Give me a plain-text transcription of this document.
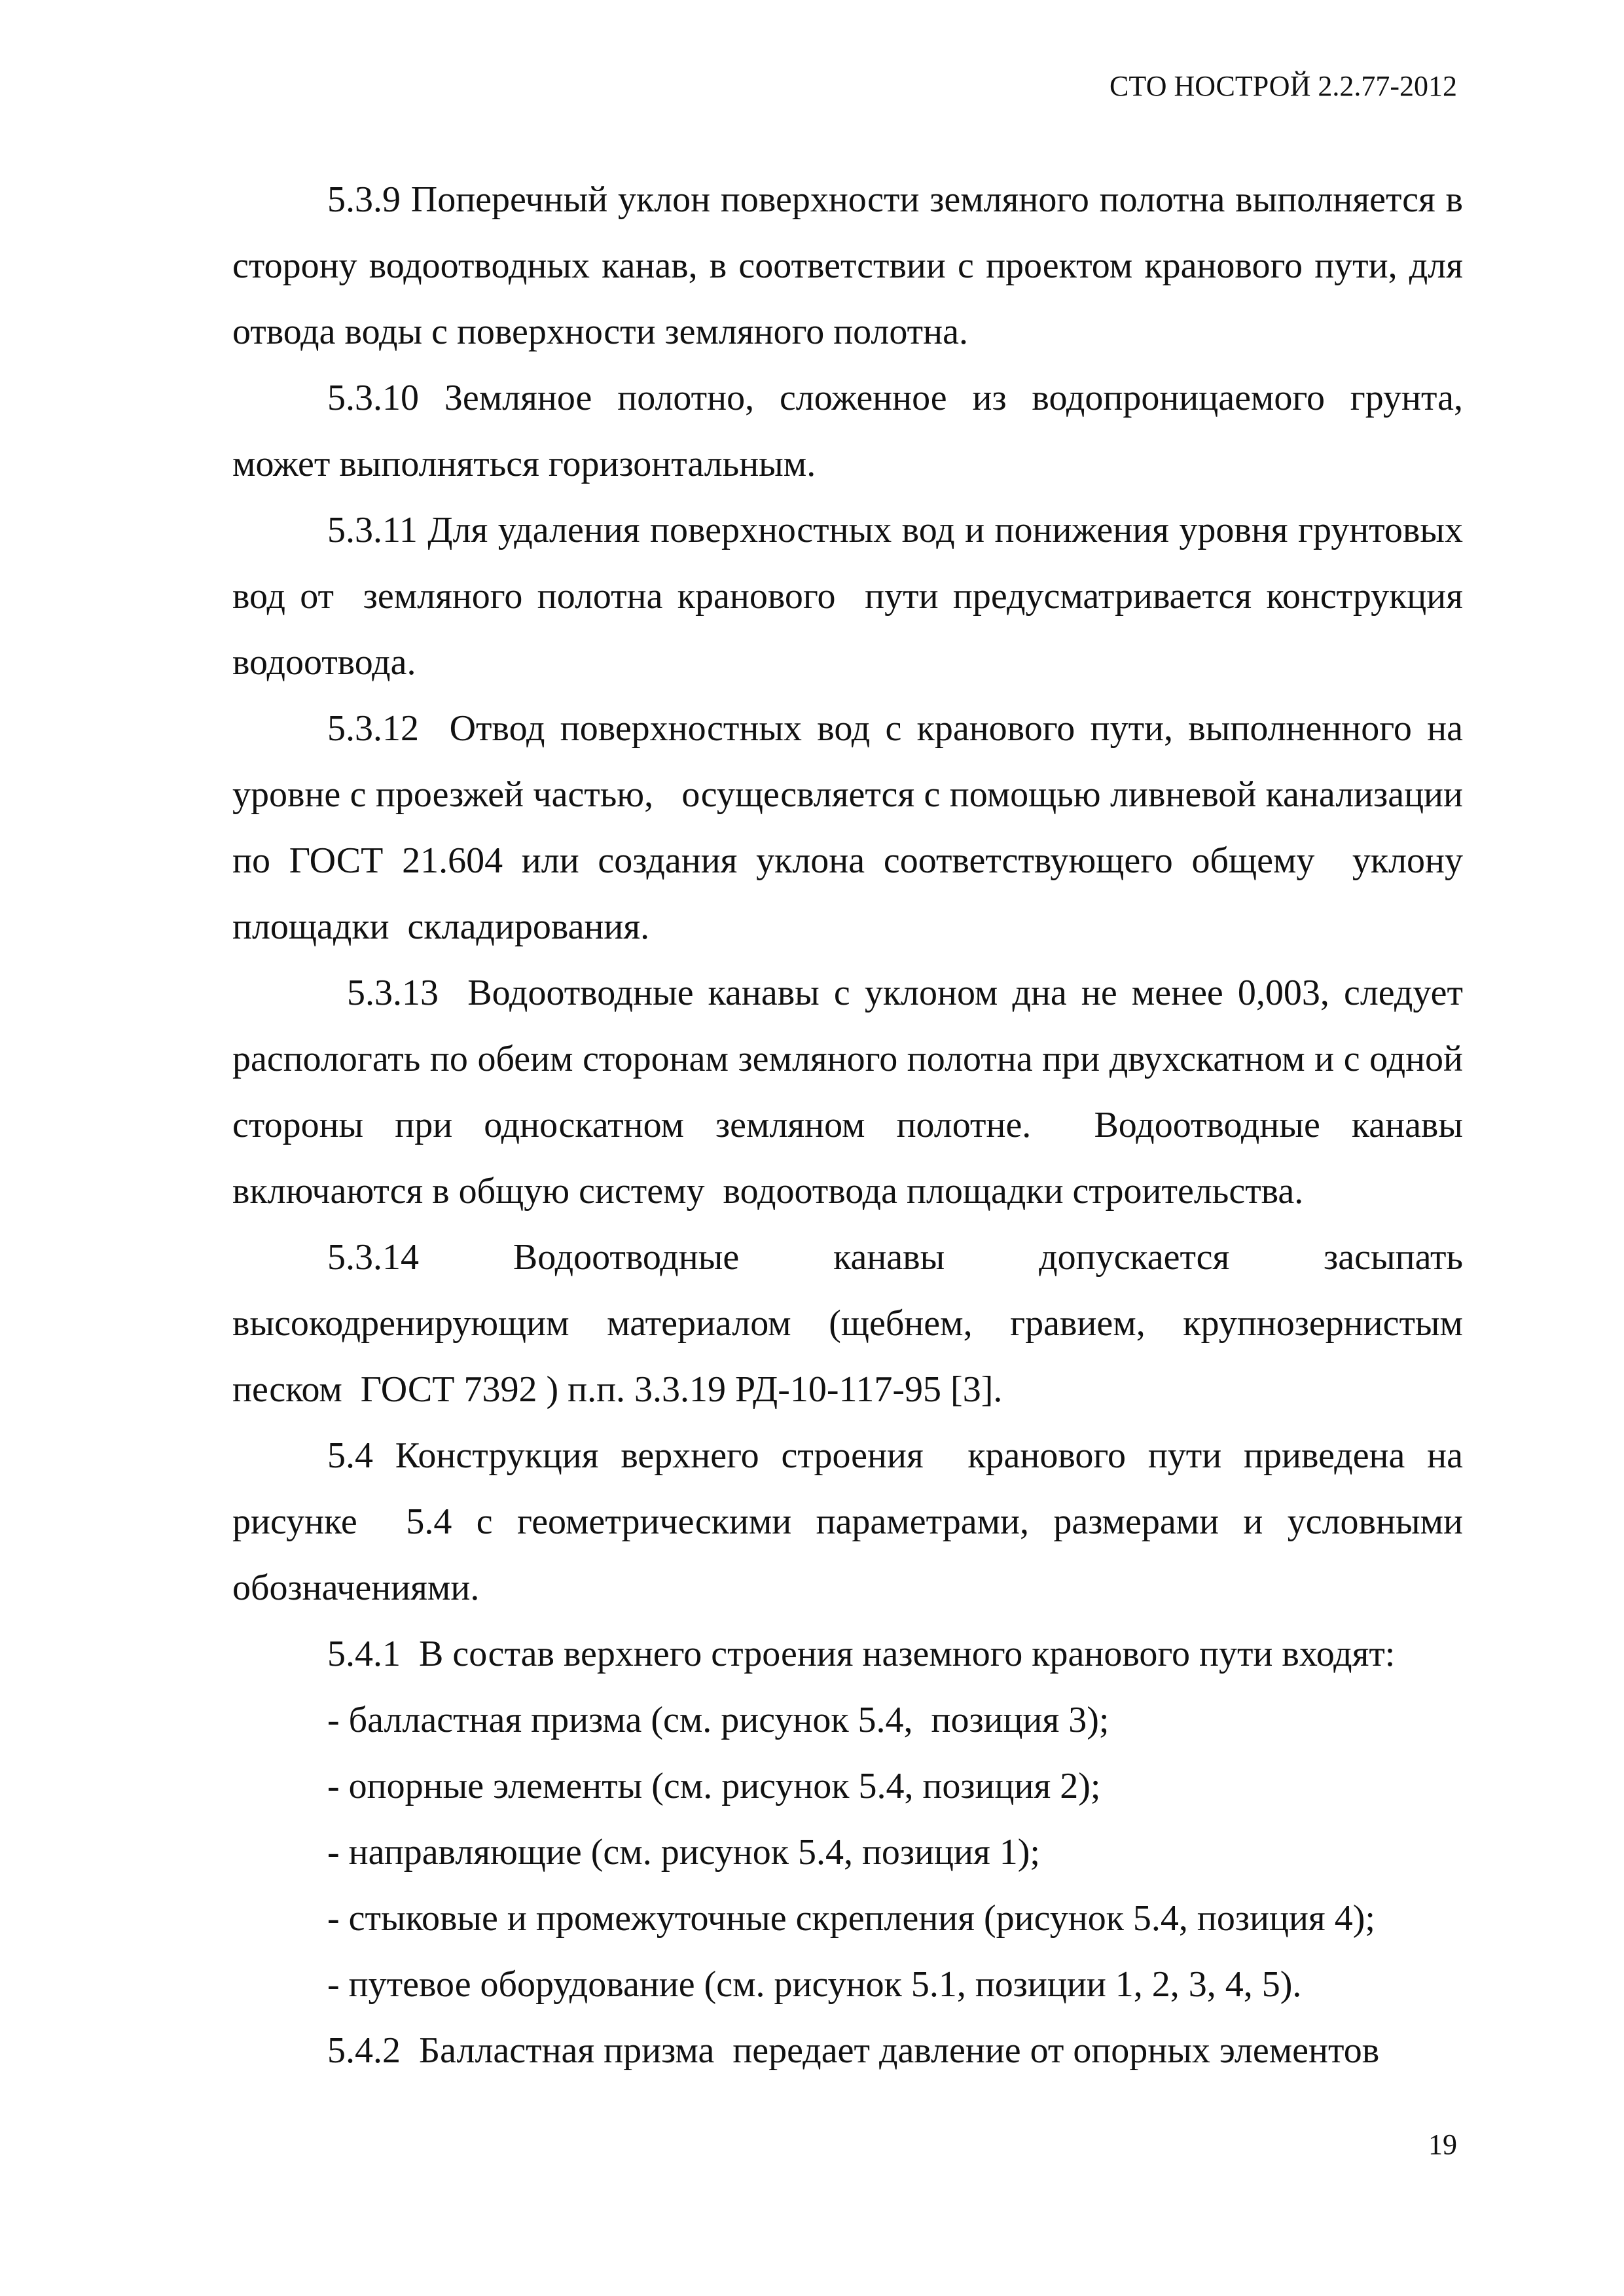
СТО НОСТРОЙ 2.2.77-2012

5.3.9 Поперечный уклон поверхности земляного полотна выполняется в сторону водоотводных канав, в соответствии с проектом кранового пути, для отвода воды с поверхности земляного полотна.

5.3.10 Земляное полотно, сложенное из водопроницаемого грунта, может выполняться горизонтальным.

5.3.11 Для удаления поверхностных вод и понижения уровня грунтовых вод от  земляного полотна кранового  пути предусматривается конструкция водоотвода.

5.3.12  Отвод поверхностных вод с кранового пути, выполненного на уровне с проезжей частью,   осущесвляется с помощью ливневой канализации по ГОСТ 21.604 или создания уклона соответствующего общему  уклону площадки  складирования.

5.3.13  Водоотводные канавы с уклоном дна не менее 0,003, следует распологать по обеим сторонам земляного полотна при двухскатном и с одной стороны при односкатном земляном полотне.  Водоотводные канавы включаются в общую систему  водоотвода площадки строительства.

5.3.14 Водоотводные канавы допускается засыпать высокодренирующим материалом (щебнем, гравием, крупнозернистым песком  ГОСТ 7392 ) п.п. 3.3.19 РД-10-117-95 [3].

5.4 Конструкция верхнего строения  кранового пути приведена на  рисунке  5.4 с геометрическими параметрами, размерами и условными обозначениями.

5.4.1  В состав верхнего строения наземного кранового пути входят:

- балластная призма (см. рисунок 5.4,  позиция 3);

- опорные элементы (см. рисунок 5.4, позиция 2);

- направляющие (см. рисунок 5.4, позиция 1);

- стыковые и промежуточные скрепления (рисунок 5.4, позиция 4);

- путевое оборудование (см. рисунок 5.1, позиции 1, 2, 3, 4, 5).

5.4.2  Балластная призма  передает давление от опорных элементов

19
